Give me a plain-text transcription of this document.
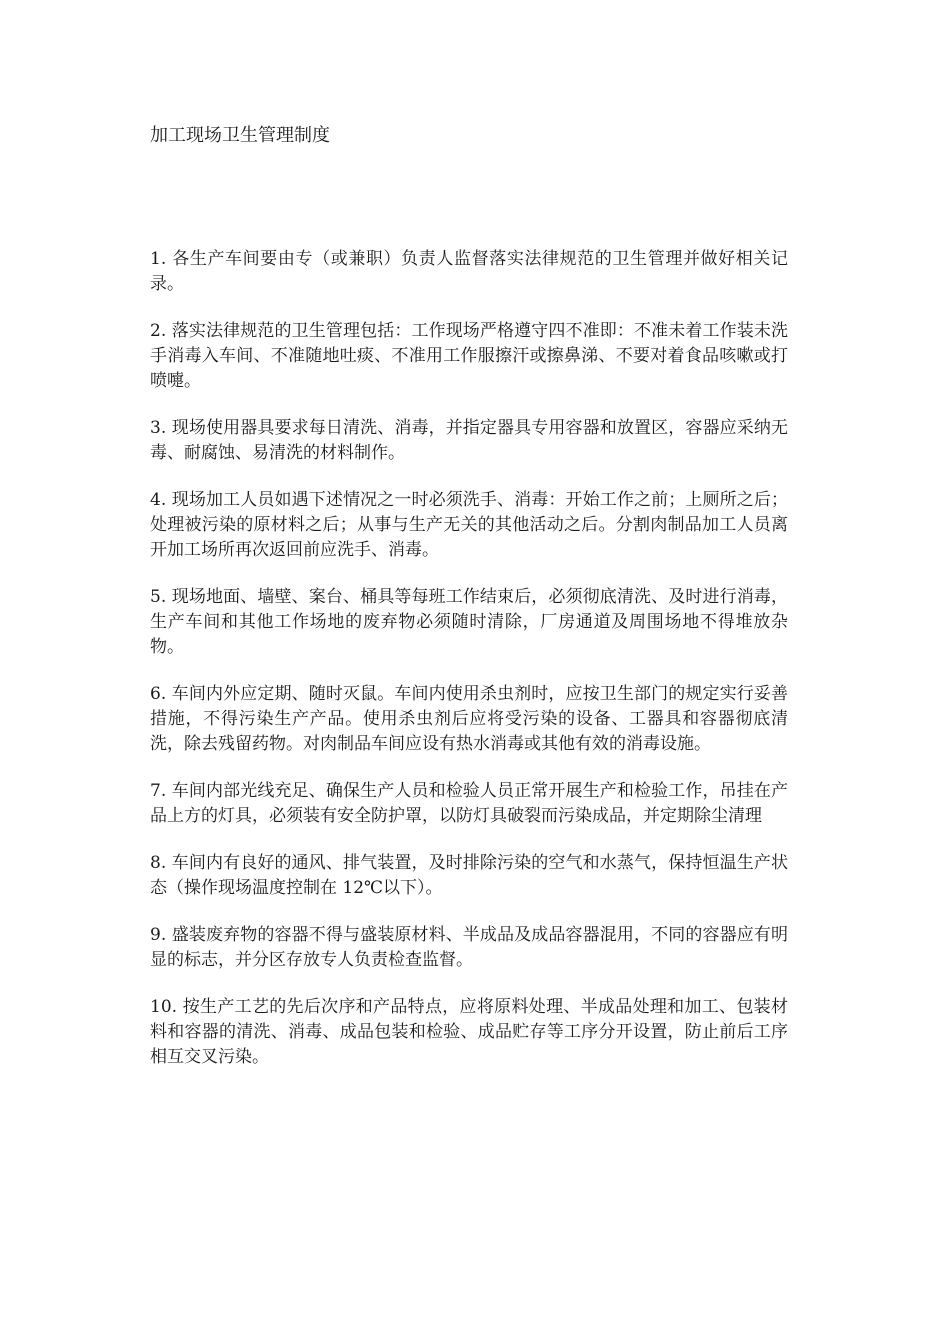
加工现场卫生管理制度

1. 各生产车间要由专（或兼职）负责人监督落实法律规范的卫生管理并做好相关记录。

2. 落实法律规范的卫生管理包括：工作现场严格遵守四不准即：不准未着工作装未洗手消毒入车间、不准随地吐痰、不准用工作服擦汗或擦鼻涕、不要对着食品咳嗽或打喷嚏。

3. 现场使用器具要求每日清洗、消毒，并指定器具专用容器和放置区，容器应采纳无毒、耐腐蚀、易清洗的材料制作。

4. 现场加工人员如遇下述情况之一时必须洗手、消毒：开始工作之前；上厕所之后；处理被污染的原材料之后；从事与生产无关的其他活动之后。分割肉制品加工人员离开加工场所再次返回前应洗手、消毒。

5. 现场地面、墙壁、案台、桶具等每班工作结束后，必须彻底清洗、及时进行消毒，生产车间和其他工作场地的废弃物必须随时清除，厂房通道及周围场地不得堆放杂物。

6. 车间内外应定期、随时灭鼠。车间内使用杀虫剂时，应按卫生部门的规定实行妥善措施，不得污染生产产品。使用杀虫剂后应将受污染的设备、工器具和容器彻底清洗，除去残留药物。对肉制品车间应设有热水消毒或其他有效的消毒设施。

7. 车间内部光线充足、确保生产人员和检验人员正常开展生产和检验工作，吊挂在产品上方的灯具，必须装有安全防护罩，以防灯具破裂而污染成品，并定期除尘清理

8. 车间内有良好的通风、排气装置，及时排除污染的空气和水蒸气，保持恒温生产状态（操作现场温度控制在 12℃以下）。

9. 盛装废弃物的容器不得与盛装原材料、半成品及成品容器混用，不同的容器应有明显的标志，并分区存放专人负责检查监督。

10. 按生产工艺的先后次序和产品特点，应将原料处理、半成品处理和加工、包装材料和容器的清洗、消毒、成品包装和检验、成品贮存等工序分开设置，防止前后工序相互交叉污染。
